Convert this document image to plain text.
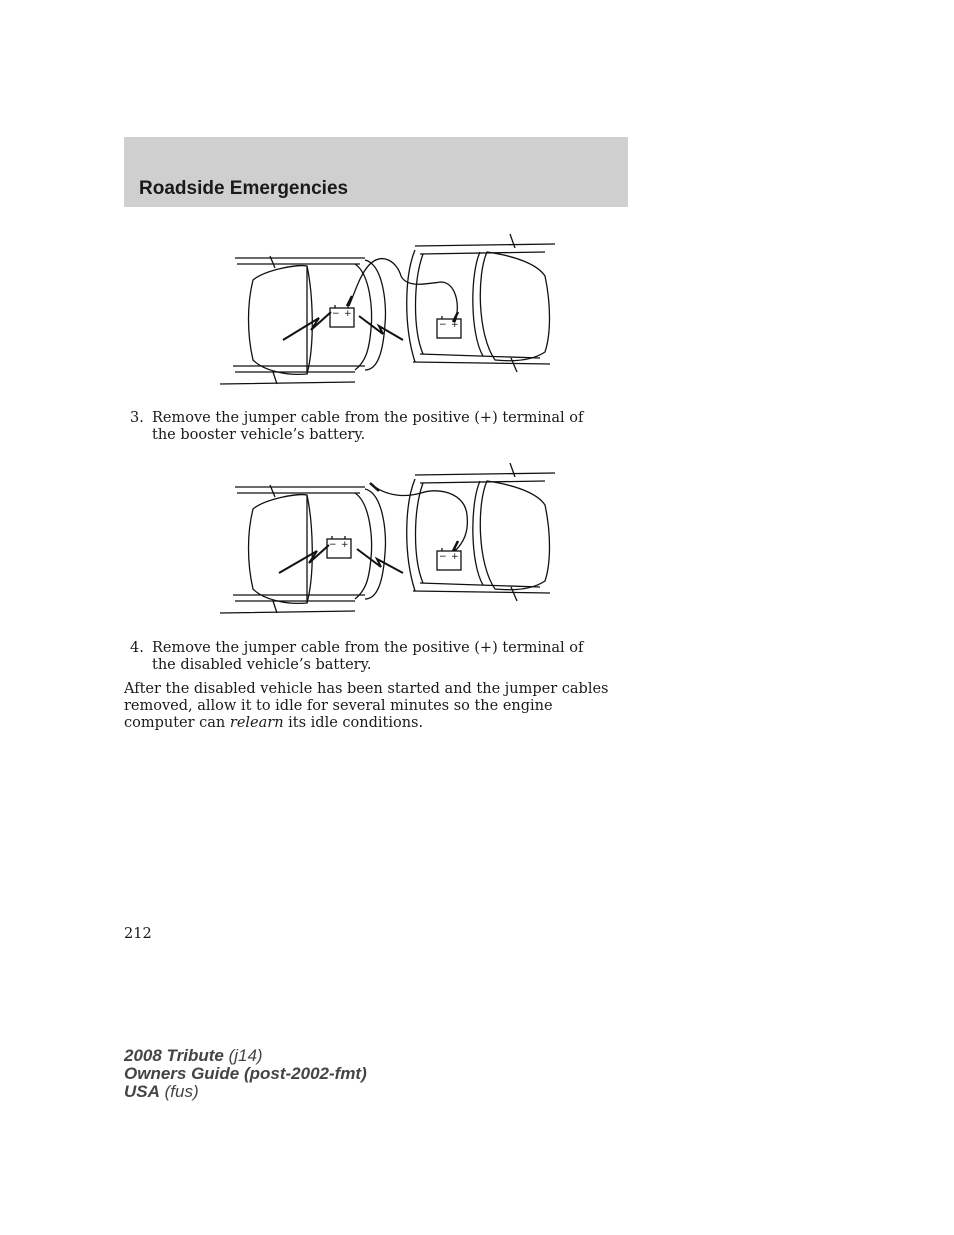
Roadside Emergencies
− +
− +
3. Remove the jumper cable from the positive (+) terminal of the booster vehicle’s battery.
− +
− +
4. Remove the jumper cable from the positive (+) terminal of the disabled vehicle’s battery.
After the disabled vehicle has been started and the jumper cables removed, allow it to idle for several minutes so the engine computer can relearn its idle conditions.
212
2008 Tribute (j14)
Owners Guide (post-2002-fmt)
USA (fus)
